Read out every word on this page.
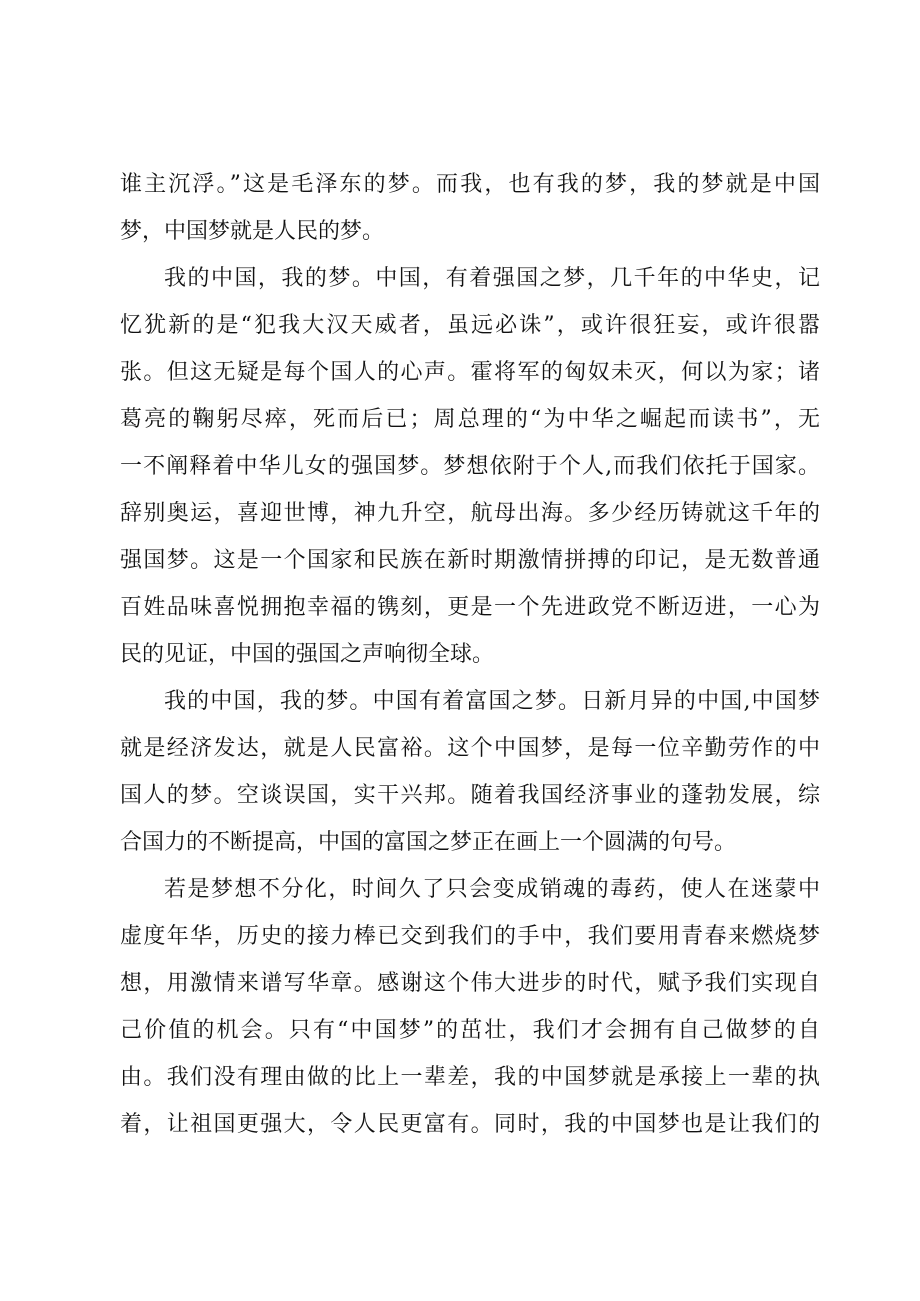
谁主沉浮。”这是毛泽东的梦。而我，也有我的梦，我的梦就是中国
梦，中国梦就是人民的梦。
我的中国，我的梦。中国，有着强国之梦，几千年的中华史，记
忆犹新的是“犯我大汉天威者，虽远必诛”，或许很狂妄，或许很嚣
张。但这无疑是每个国人的心声。霍将军的匈奴未灭，何以为家；诸
葛亮的鞠躬尽瘁，死而后已；周总理的“为中华之崛起而读书”，无
一不阐释着中华儿女的强国梦。梦想依附于个人,而我们依托于国家。
辞别奥运，喜迎世博，神九升空，航母出海。多少经历铸就这千年的
强国梦。这是一个国家和民族在新时期激情拼搏的印记，是无数普通
百姓品味喜悦拥抱幸福的镌刻，更是一个先进政党不断迈进，一心为
民的见证，中国的强国之声响彻全球。
我的中国，我的梦。中国有着富国之梦。日新月异的中国,中国梦
就是经济发达，就是人民富裕。这个中国梦，是每一位辛勤劳作的中
国人的梦。空谈误国，实干兴邦。随着我国经济事业的蓬勃发展，综
合国力的不断提高，中国的富国之梦正在画上一个圆满的句号。
若是梦想不分化，时间久了只会变成销魂的毒药，使人在迷蒙中
虚度年华，历史的接力棒已交到我们的手中，我们要用青春来燃烧梦
想，用激情来谱写华章。感谢这个伟大进步的时代，赋予我们实现自
己价值的机会。只有“中国梦”的茁壮，我们才会拥有自己做梦的自
由。我们没有理由做的比上一辈差，我的中国梦就是承接上一辈的执
着，让祖国更强大，令人民更富有。同时，我的中国梦也是让我们的
